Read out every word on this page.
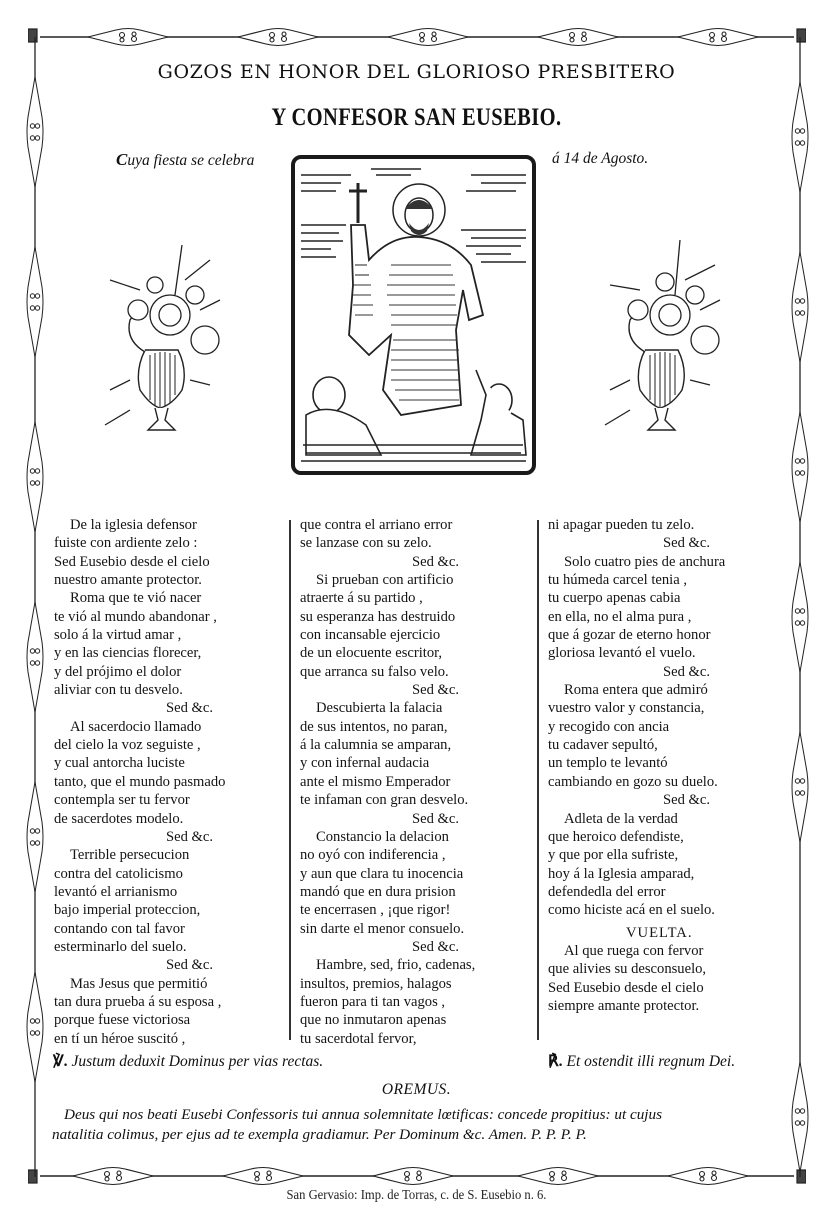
GOZOS EN HONOR DEL GLORIOSO PRESBITERO
Y CONFESOR SAN EUSEBIO.
Cuya fiesta se celebra	á 14 de Agosto.
De la iglesia defensor
fuiste con ardiente zelo :
Sed Eusebio desde el cielo
nuestro amante protector.
Roma que te vió nacer
te vió al mundo abandonar ,
solo á la virtud amar ,
y en las ciencias florecer,
y del prójimo el dolor
aliviar con tu desvelo.
Sed &c.
Al sacerdocio llamado
del cielo la voz seguiste ,
y cual antorcha luciste
tanto, que el mundo pasmado
contempla ser tu fervor
de sacerdotes modelo.
Sed &c.
Terrible persecucion
contra del catolicismo
levantó el arrianismo
bajo imperial proteccion,
contando con tal favor
esterminarlo del suelo.
Sed &c.
Mas Jesus que permitió
tan dura prueba á su esposa ,
porque fuese victoriosa
en tí un héroe suscitó ,
que contra el arriano error
se lanzase con su zelo.
Sed &c.
Si prueban con artificio
atraerte á su partido ,
su esperanza has destruido
con incansable ejercicio
de un elocuente escritor,
que arranca su falso velo.
Sed &c.
Descubierta la falacia
de sus intentos, no paran,
á la calumnia se amparan,
y con infernal audacia
ante el mismo Emperador
te infaman con gran desvelo.
Sed &c.
Constancio la delacion
no oyó con indiferencia ,
y aun que clara tu inocencia
mandó que en dura prision
te encerrasen , ¡que rigor!
sin darte el menor consuelo.
Sed &c.
Hambre, sed, frio, cadenas,
insultos, premios, halagos
fueron para ti tan vagos ,
que no inmutaron apenas
tu sacerdotal fervor,
ni apagar pueden tu zelo.
Sed &c.
Solo cuatro pies de anchura
tu húmeda carcel tenia ,
tu cuerpo apenas cabia
en ella, no el alma pura ,
que á gozar de eterno honor
gloriosa levantó el vuelo.
Sed &c.
Roma entera que admiró
vuestro valor y constancia,
y recogido con ancia
tu cadaver sepultó,
un templo te levantó
cambiando en gozo su duelo.
Sed &c.
Adleta de la verdad
que heroico defendiste,
y que por ella sufriste,
hoy á la Iglesia amparad,
defendedla del error
como hiciste acá en el suelo.
VUELTA.
Al que ruega con fervor
que alivies su desconsuelo,
Sed Eusebio desde el cielo
siempre amante protector.
℣. Justum deduxit Dominus per vias rectas.	℟. Et ostendit illi regnum Dei.
OREMUS.
Deus qui nos beati Eusebi Confessoris tui annua solemnitate lœtificas: concede propitius: ut cujus
natalitia colimus, per ejus ad te exempla gradiamur. Per Dominum &c. Amen. P. P. P. P.
San Gervasio: Imp. de Torras, c. de S. Eusebio n. 6.
